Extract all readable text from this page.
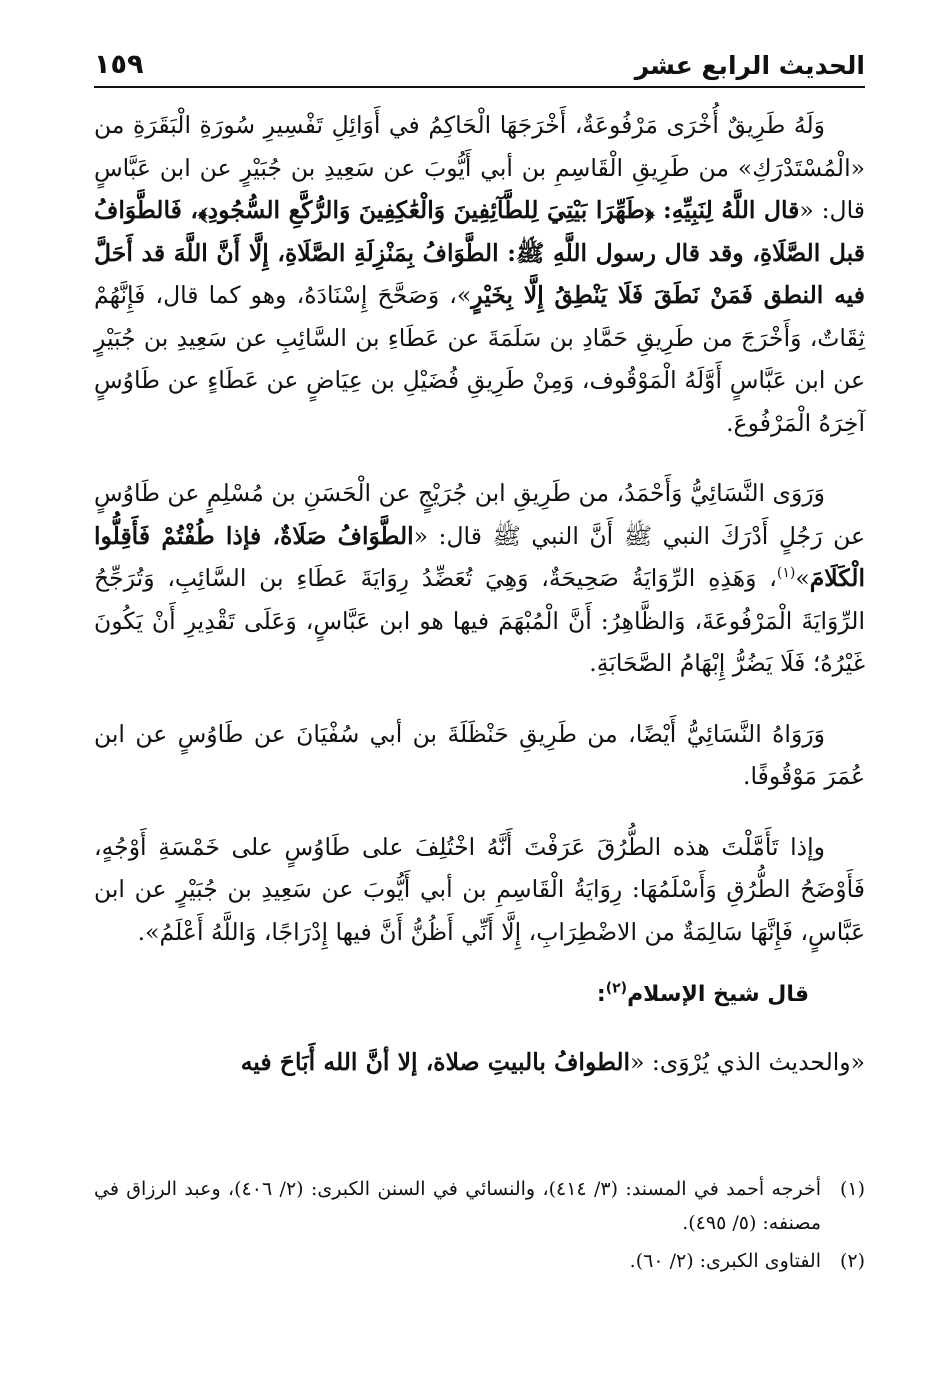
الحديث الرابع عشر
١٥٩

وَلَهُ طَرِيقٌ أُخْرَى مَرْفُوعَةٌ، أَخْرَجَهَا الْحَاكِمُ في أَوَائِلِ تَفْسِيرِ سُورَةِ الْبَقَرَةِ من «الْمُسْتَدْرَكِ» من طَرِيقِ الْقَاسِمِ بن أبي أَيُّوبَ عن سَعِيدِ بن جُبَيْرٍ عن ابن عَبَّاسٍ قال: «قال اللَّهُ لِنَبِيِّهِ: ﴿طَهِّرَا بَيْتِيَ لِلطَّآئِفِينَ وَالْعَٰكِفِينَ وَالرُّكَّعِ السُّجُودِ﴾، فَالطَّوَافُ قبل الصَّلَاةِ، وقد قال رسول اللَّهِ ﷺ: الطَّوَافُ بِمَنْزِلَةِ الصَّلَاةِ، إِلَّا أَنَّ اللَّهَ قد أَحَلَّ فيه النطق فَمَنْ نَطَقَ فَلَا يَنْطِقُ إِلَّا بِخَيْرٍ»، وَصَحَّحَ إِسْنَادَهُ، وهو كما قال، فَإِنَّهُمْ ثِقَاتٌ، وَأَخْرَجَ من طَرِيقِ حَمَّادِ بن سَلَمَةَ عن عَطَاءِ بن السَّائِبِ عن سَعِيدِ بن جُبَيْرٍ عن ابن عَبَّاسٍ أَوَّلَهُ الْمَوْقُوف، وَمِنْ طَرِيقِ فُضَيْلِ بن عِيَاضٍ عن عَطَاءٍ عن طَاوُسٍ آخِرَهُ الْمَرْفُوعَ.

وَرَوَى النَّسَائِيُّ وَأَحْمَدُ، من طَرِيقِ ابن جُرَيْجٍ عن الْحَسَنِ بن مُسْلِمٍ عن طَاوُسٍ عن رَجُلٍ أَدْرَكَ النبي ﷺ أَنَّ النبي ﷺ قال: «الطَّوَافُ صَلَاةٌ، فإذا طُفْتُمْ فَأَقِلُّوا الْكَلَامَ»$^{(١)}$، وَهَذِهِ الرِّوَايَةُ صَحِيحَةٌ، وَهِيَ تُعَضِّدُ رِوَايَةَ عَطَاءِ بن السَّائِبِ، وَتُرَجِّحُ الرِّوَايَةَ الْمَرْفُوعَةَ، وَالظَّاهِرُ: أَنَّ الْمُبْهَمَ فيها هو ابن عَبَّاسٍ، وَعَلَى تَقْدِيرِ أَنْ يَكُونَ غَيْرُهُ؛ فَلَا يَضُرُّ إِبْهَامُ الصَّحَابَةِ.

وَرَوَاهُ النَّسَائِيُّ أَيْضًا، من طَرِيقِ حَنْظَلَةَ بن أبي سُفْيَانَ عن طَاوُسٍ عن ابن عُمَرَ مَوْقُوفًا.

وإذا تَأَمَّلْتَ هذه الطُّرُقَ عَرَفْتَ أَنَّهُ اخْتُلِفَ على طَاوُسٍ على خَمْسَةِ أَوْجُهٍ، فَأَوْضَحُ الطُّرُقِ وَأَسْلَمُهَا: رِوَايَةُ الْقَاسِمِ بن أبي أَيُّوبَ عن سَعِيدِ بن جُبَيْرٍ عن ابن عَبَّاسٍ، فَإِنَّهَا سَالِمَةٌ من الاضْطِرَابِ، إِلَّا أَنِّي أَظُنُّ أَنَّ فيها إِدْرَاجًا، وَاللَّهُ أَعْلَمُ».

قال شيخ الإسلام$^{(٢)}$:

«والحديث الذي يُرْوَى: «الطوافُ بالبيتِ صلاة، إلا أنَّ الله أَبَاحَ فيه

(١)
أخرجه أحمد في المسند: (٣/ ٤١٤)، والنسائي في السنن الكبرى: (٢/ ٤٠٦)، وعبد الرزاق في مصنفه: (٥/ ٤٩٥).
(٢)
الفتاوى الكبرى: (٢/ ٦٠).
